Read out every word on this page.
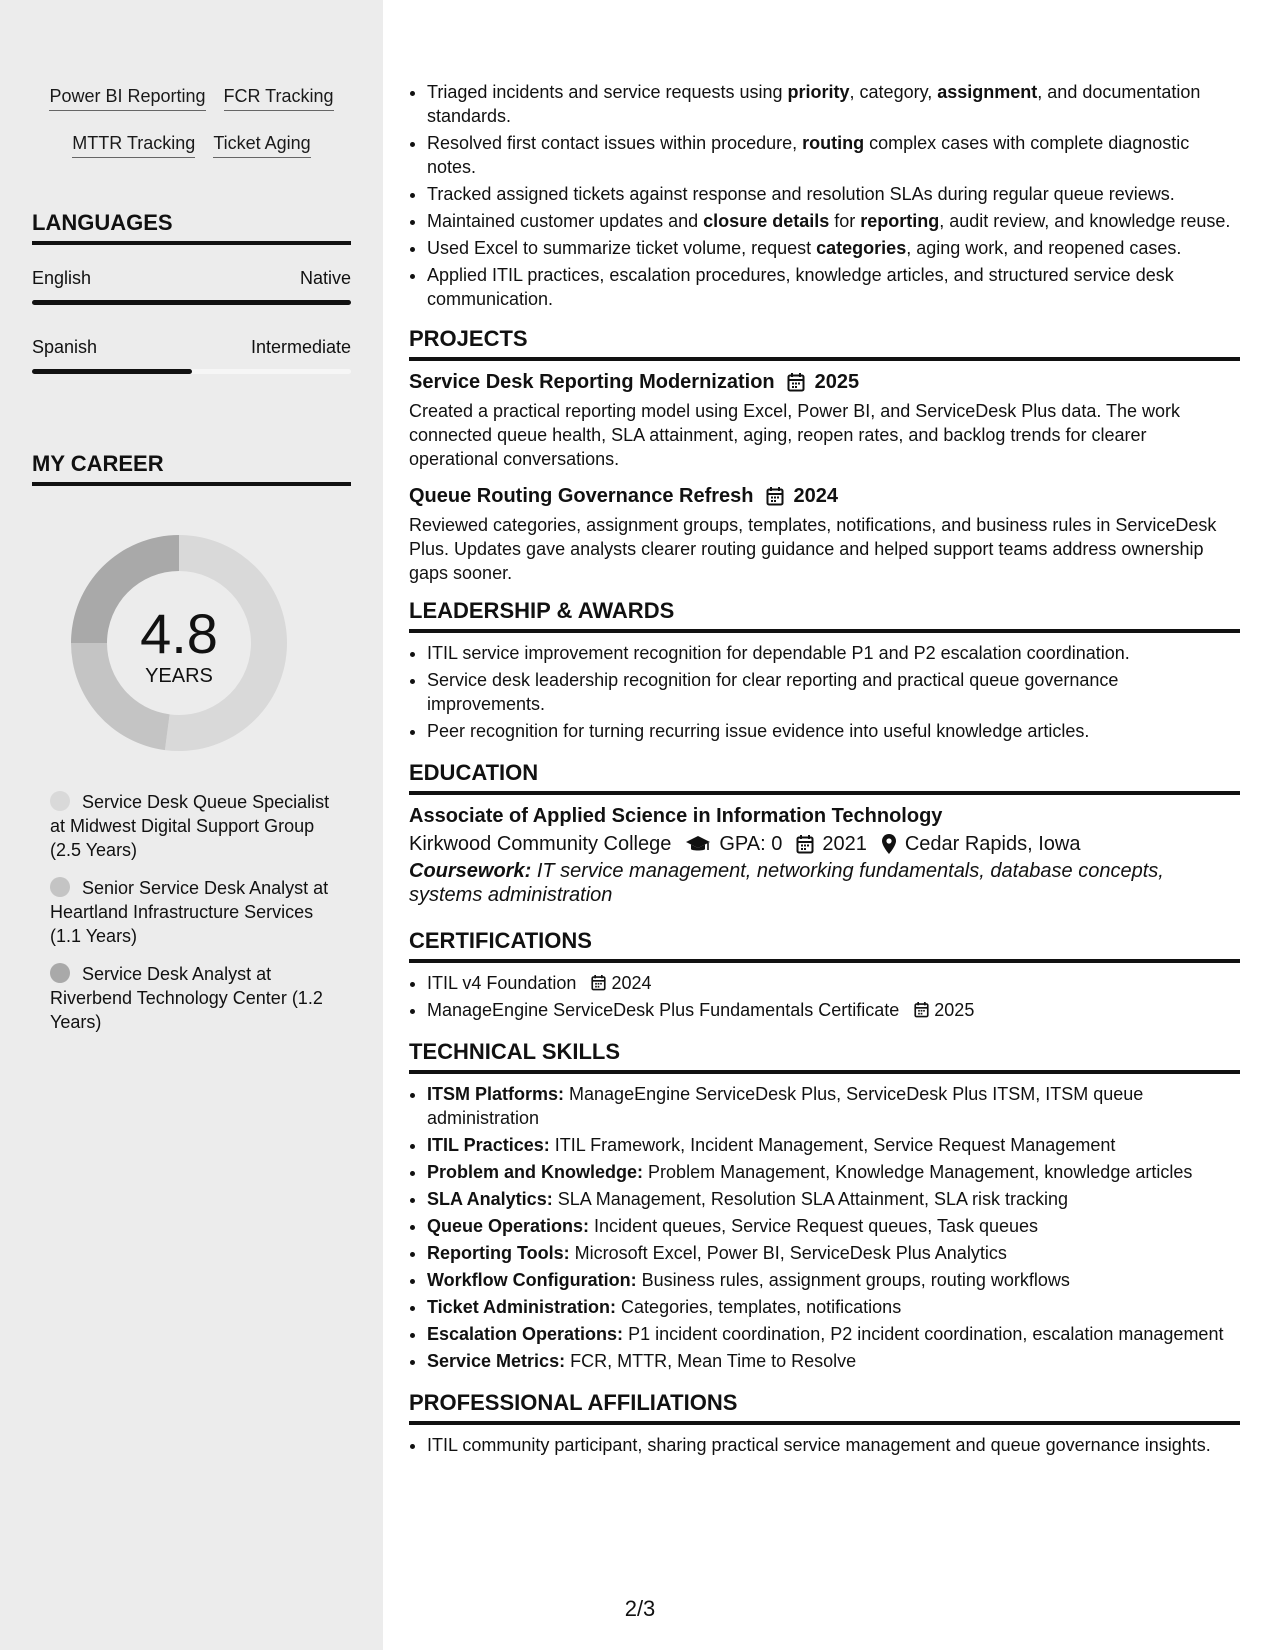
Power BI Reporting FCR Tracking
MTTR Tracking Ticket Aging
LANGUAGES
English	Native
Spanish	Intermediate
MY CAREER
4.8
YEARS
Service Desk Queue Specialist at Midwest Digital Support Group (2.5 Years)
Senior Service Desk Analyst at Heartland Infrastructure Services (1.1 Years)
Service Desk Analyst at Riverbend Technology Center (1.2 Years)
• Triaged incidents and service requests using priority, category, assignment, and documentation standards.
• Resolved first contact issues within procedure, routing complex cases with complete diagnostic notes.
• Tracked assigned tickets against response and resolution SLAs during regular queue reviews.
• Maintained customer updates and closure details for reporting, audit review, and knowledge reuse.
• Used Excel to summarize ticket volume, request categories, aging work, and reopened cases.
• Applied ITIL practices, escalation procedures, knowledge articles, and structured service desk communication.
PROJECTS
Service Desk Reporting Modernization 2025
Created a practical reporting model using Excel, Power BI, and ServiceDesk Plus data. The work connected queue health, SLA attainment, aging, reopen rates, and backlog trends for clearer operational conversations.
Queue Routing Governance Refresh 2024
Reviewed categories, assignment groups, templates, notifications, and business rules in ServiceDesk Plus. Updates gave analysts clearer routing guidance and helped support teams address ownership gaps sooner.
LEADERSHIP & AWARDS
• ITIL service improvement recognition for dependable P1 and P2 escalation coordination.
• Service desk leadership recognition for clear reporting and practical queue governance improvements.
• Peer recognition for turning recurring issue evidence into useful knowledge articles.
EDUCATION
Associate of Applied Science in Information Technology
Kirkwood Community College GPA: 0 2021 Cedar Rapids, Iowa
Coursework: IT service management, networking fundamentals, database concepts, systems administration
CERTIFICATIONS
• ITIL v4 Foundation 2024
• ManageEngine ServiceDesk Plus Fundamentals Certificate 2025
TECHNICAL SKILLS
• ITSM Platforms: ManageEngine ServiceDesk Plus, ServiceDesk Plus ITSM, ITSM queue administration
• ITIL Practices: ITIL Framework, Incident Management, Service Request Management
• Problem and Knowledge: Problem Management, Knowledge Management, knowledge articles
• SLA Analytics: SLA Management, Resolution SLA Attainment, SLA risk tracking
• Queue Operations: Incident queues, Service Request queues, Task queues
• Reporting Tools: Microsoft Excel, Power BI, ServiceDesk Plus Analytics
• Workflow Configuration: Business rules, assignment groups, routing workflows
• Ticket Administration: Categories, templates, notifications
• Escalation Operations: P1 incident coordination, P2 incident coordination, escalation management
• Service Metrics: FCR, MTTR, Mean Time to Resolve
PROFESSIONAL AFFILIATIONS
• ITIL community participant, sharing practical service management and queue governance insights.
2/3
